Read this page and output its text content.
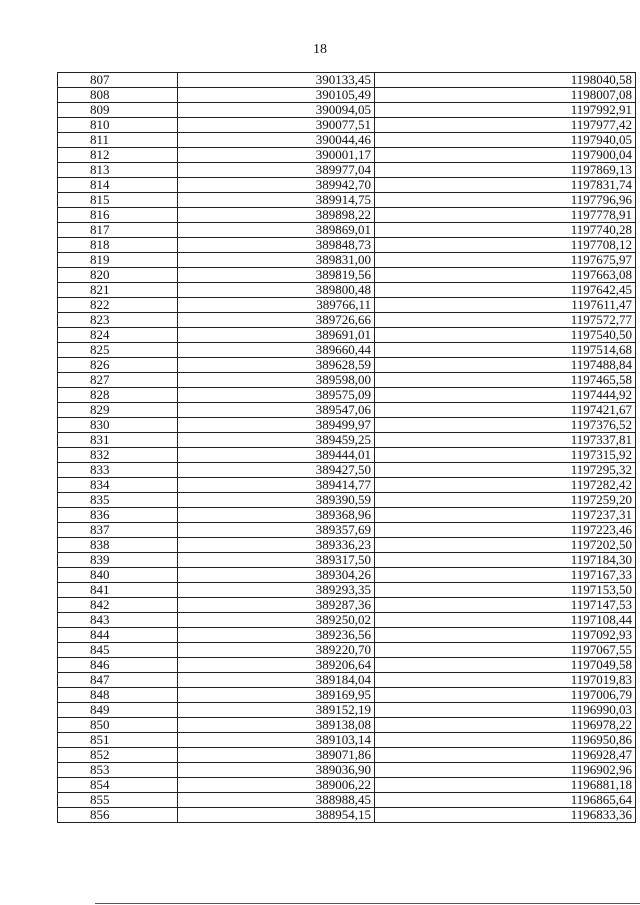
18
807	390133,45	1198040,58
808	390105,49	1198007,08
809	390094,05	1197992,91
810	390077,51	1197977,42
811	390044,46	1197940,05
812	390001,17	1197900,04
813	389977,04	1197869,13
814	389942,70	1197831,74
815	389914,75	1197796,96
816	389898,22	1197778,91
817	389869,01	1197740,28
818	389848,73	1197708,12
819	389831,00	1197675,97
820	389819,56	1197663,08
821	389800,48	1197642,45
822	389766,11	1197611,47
823	389726,66	1197572,77
824	389691,01	1197540,50
825	389660,44	1197514,68
826	389628,59	1197488,84
827	389598,00	1197465,58
828	389575,09	1197444,92
829	389547,06	1197421,67
830	389499,97	1197376,52
831	389459,25	1197337,81
832	389444,01	1197315,92
833	389427,50	1197295,32
834	389414,77	1197282,42
835	389390,59	1197259,20
836	389368,96	1197237,31
837	389357,69	1197223,46
838	389336,23	1197202,50
839	389317,50	1197184,30
840	389304,26	1197167,33
841	389293,35	1197153,50
842	389287,36	1197147,53
843	389250,02	1197108,44
844	389236,56	1197092,93
845	389220,70	1197067,55
846	389206,64	1197049,58
847	389184,04	1197019,83
848	389169,95	1197006,79
849	389152,19	1196990,03
850	389138,08	1196978,22
851	389103,14	1196950,86
852	389071,86	1196928,47
853	389036,90	1196902,96
854	389006,22	1196881,18
855	388988,45	1196865,64
856	388954,15	1196833,36
